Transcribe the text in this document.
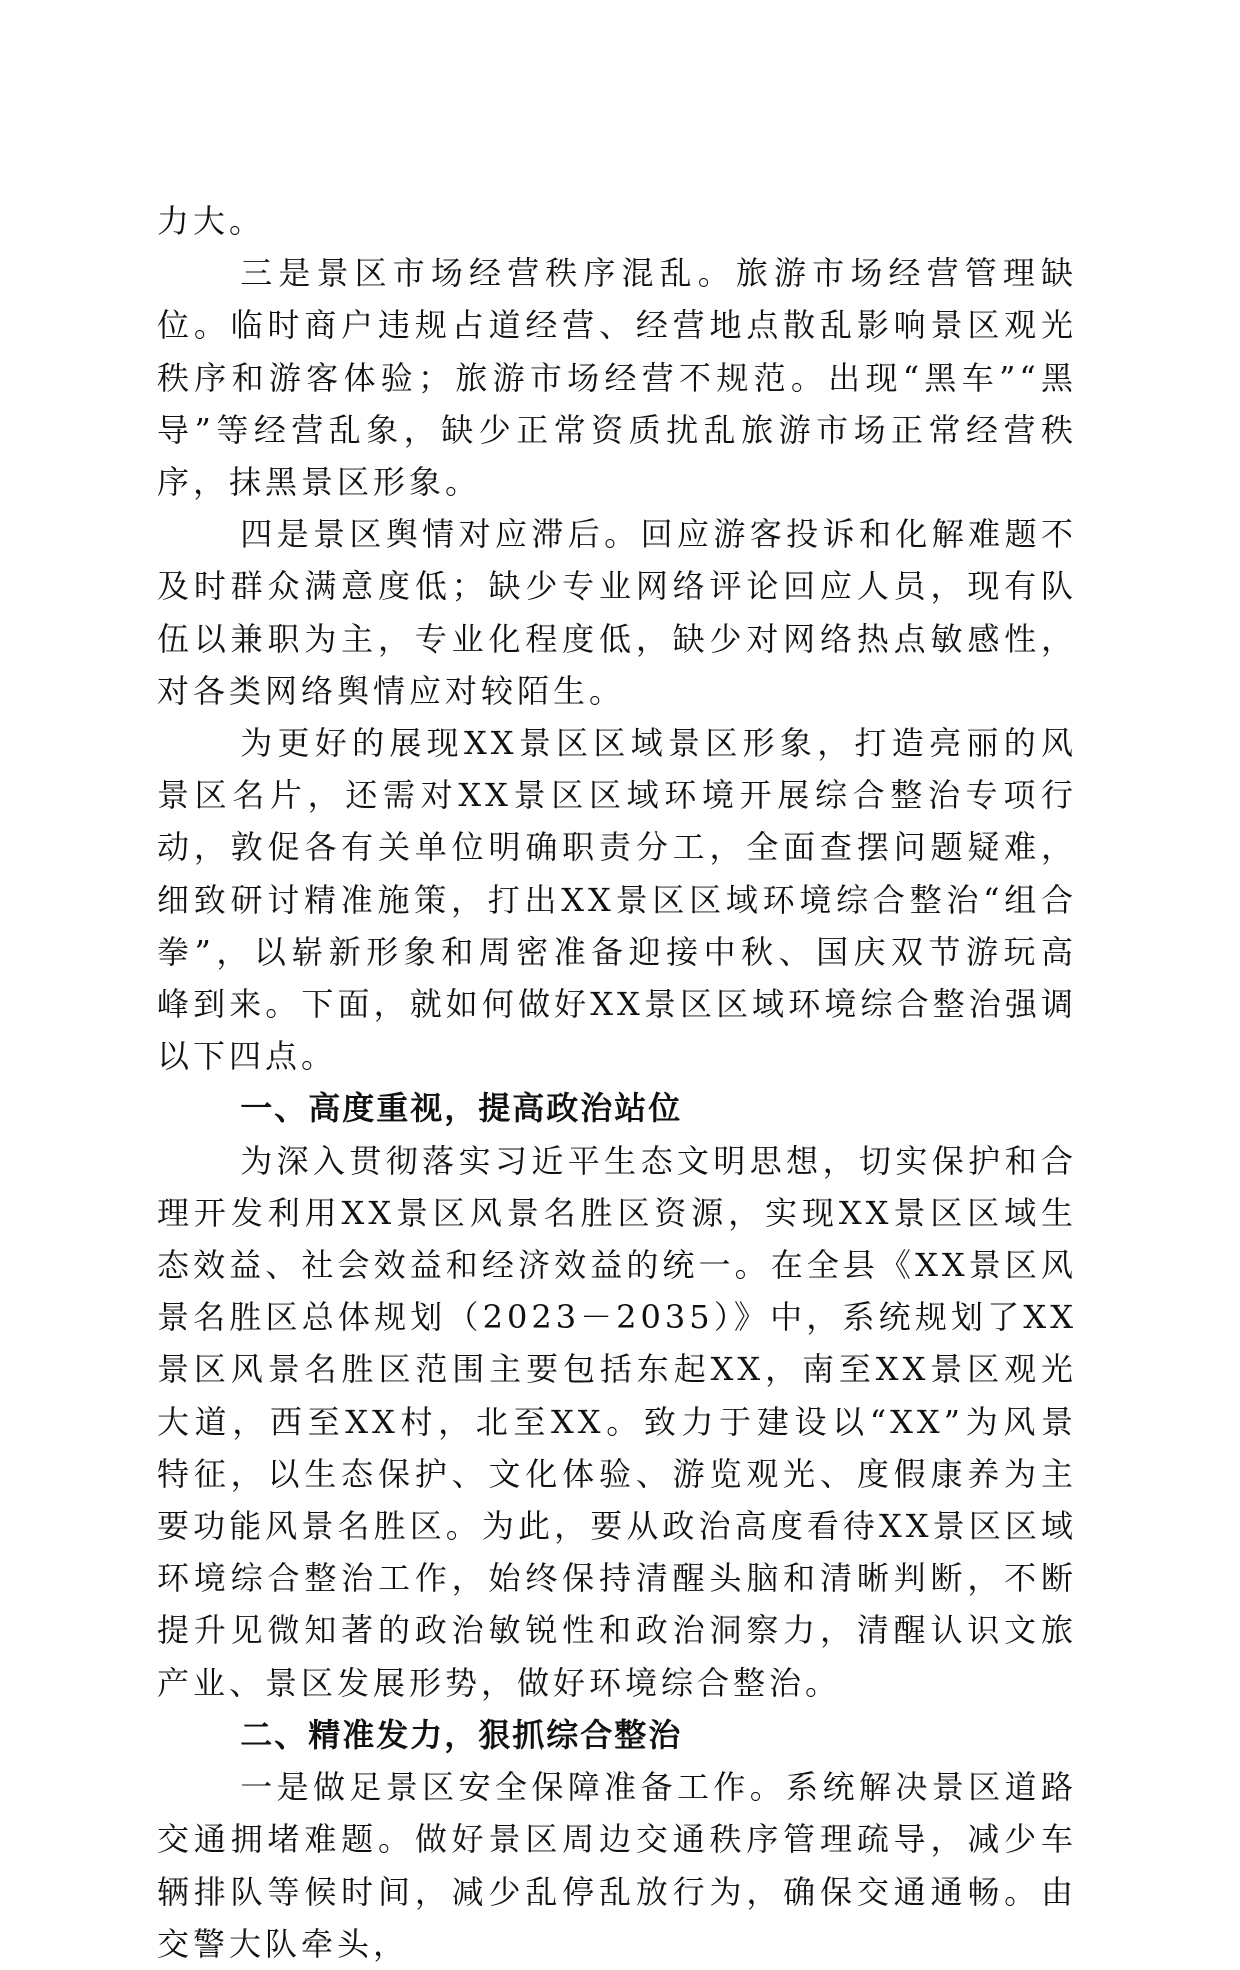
力大。

三是景区市场经营秩序混乱。旅游市场经营管理缺位。临时商户违规占道经营、经营地点散乱影响景区观光秩序和游客体验；旅游市场经营不规范。出现“黑车”“黑导”等经营乱象，缺少正常资质扰乱旅游市场正常经营秩序，抹黑景区形象。

四是景区舆情对应滞后。回应游客投诉和化解难题不及时群众满意度低；缺少专业网络评论回应人员，现有队伍以兼职为主，专业化程度低，缺少对网络热点敏感性，对各类网络舆情应对较陌生。

为更好的展现XX景区区域景区形象，打造亮丽的风景区名片，还需对XX景区区域环境开展综合整治专项行动，敦促各有关单位明确职责分工，全面查摆问题疑难，细致研讨精准施策，打出XX景区区域环境综合整治“组合拳”，以崭新形象和周密准备迎接中秋、国庆双节游玩高峰到来。下面，就如何做好XX景区区域环境综合整治强调以下四点。

一、高度重视，提高政治站位

为深入贯彻落实习近平生态文明思想，切实保护和合理开发利用XX景区风景名胜区资源，实现XX景区区域生态效益、社会效益和经济效益的统一。在全县《XX景区风景名胜区总体规划（2023－2035）》中，系统规划了XX景区风景名胜区范围主要包括东起XX，南至XX景区观光大道，西至XX村，北至XX。致力于建设以“XX”为风景特征，以生态保护、文化体验、游览观光、度假康养为主要功能风景名胜区。为此，要从政治高度看待XX景区区域环境综合整治工作，始终保持清醒头脑和清晰判断，不断提升见微知著的政治敏锐性和政治洞察力，清醒认识文旅产业、景区发展形势，做好环境综合整治。

二、精准发力，狠抓综合整治

一是做足景区安全保障准备工作。系统解决景区道路交通拥堵难题。做好景区周边交通秩序管理疏导，减少车辆排队等候时间，减少乱停乱放行为，确保交通通畅。由交警大队牵头，
